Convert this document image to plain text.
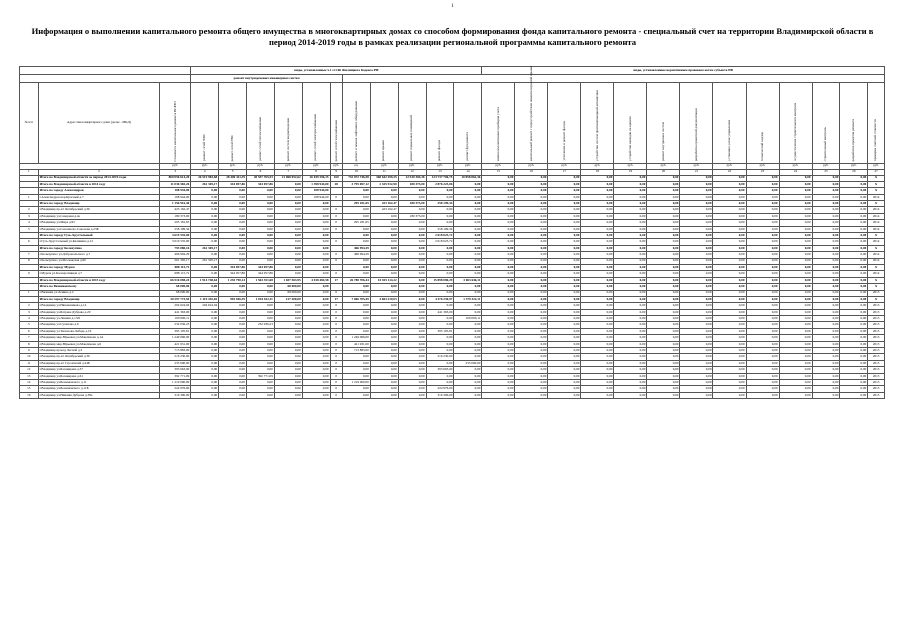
1
Информация о выполнении капитального ремонта общего имущества в многоквартирных домах со способом формирования фонда капитального ремонта - специальный счет на территории Владимирской области в период 2014-2019 годы в рамках реализации региональной программы капитального ремонта
			виды, установленные ч.1 ст.166 Жилищного Кодекса РФ											виды, установленные нормативным правовым актом субъекта РФ												
			ремонт внутридомовых инженерных систем																							
№ п/п	Адрес многоквартирного дома (далее - МКД)	Стоимость капитального ремонта ВСЕГО	ремонт сетей ХВС	ремонт сетей ГВС	ремонт сетей теплоснабжения	ремонт систем водоотведения	ремонт сетей электроснабжения	ремонт сетей газоснабжения	ремонт и замена лифтового оборудования	ремонт крыши	ремонт подвальных помещений	ремонт фасада	ремонт фундамента	замена коллективных приборов учета	капитальный ремонт с переустройством невентилируемой крыши	утепление и ремонт фасада	устройство систем противопожарной автоматики	устройство выходов на кровлю	ремонт внутренних систем	разработка проектной документации	установка узлов управления	технический надзор	осуществление строительного контроля	строительный контроль	разработка проектов ремонта	проверка сметной стоимости
		руб.	руб.	руб.	руб.	руб.	руб.	руб.	ед.	руб.	руб.	руб.	руб.	руб.	руб.	руб.	руб.	руб.	руб.	руб.	руб.	руб.	руб.	руб.	руб.	руб.
1	2	3	4	5	6	7	8	9	10	11	12	13	14	15	16	17	18	19	20	21	22	23	24	25	26	27
	Итого по Владимирской области за период 2014-2019 годы	860 056 614,20	26 519 983,68	28 400 411,39	40 557 765,53	21 068 052,62	26 039 296,15	160	732 072 746,58	368 642 299,25	12 530 384,36	123 737 706,75	10 858 862,36	0,00	0,00	0,00	0,00	0,00	0,00	0,00	0,00	0,00	0,00	0,00	0,00	X
	Итого по Владимирской области в 2014 году	11 036 565,26	261 305,17	344 057,86	344 057,86	0,00	1 398 944,00	28	3 795 697,12	2 325 912,90	180 373,00	2 876 223,06	0,00	0,00	0,00	0,00	0,00	0,00	0,00	0,00	0,00	0,00	0,00	0,00	0,00	X
	Итого по городу Александров	108 944,00	0,00	0,00	0,00	0,00	108 944,00		0,00	0,00	0,00	0,00	0,00	0,00	0,00	0,00	0,00	0,00	0,00	0,00	0,00	0,00	0,00	0,00	0,00	X
1	г.Александров пер.Красный д.7	108 944,00	0,00	0,00	0,00	0,00	108 944,00	0	0,00	0,00	0,00	0,00	0,00	0,00	0,00	0,00	0,00	0,00	0,00	0,00	0,00	0,00	0,00	0,00	0,00	2014
	Итого по городу Владимир	1 156 916,46	0,00	0,00	0,00	0,00	0,00		295 181,65	423 162,47	180 373,00	258 199,34	0,00	0,00	0,00	0,00	0,00	0,00	0,00	0,00	0,00	0,00	0,00	0,00	0,00	X
2	г.Владимир пр-кт Октябрьский д.36	423 162,47	0,00	0,00	0,00	0,00	0,00	0	0,00	423 162,47	0,00	0,00	0,00	0,00	0,00	0,00	0,00	0,00	0,00	0,00	0,00	0,00	0,00	0,00	0,00	2014
3	г.Владимир ул.Северная д.4а	180 373,00	0,00	0,00	0,00	0,00	0,00	0	0,00	0,00	180 373,00	0,00	0,00	0,00	0,00	0,00	0,00	0,00	0,00	0,00	0,00	0,00	0,00	0,00	0,00	2014
4	г.Владимир ул.Мира д.95	295 181,65	0,00	0,00	0,00	0,00	0,00	0	295 181,65	0,00	0,00	0,00	0,00	0,00	0,00	0,00	0,00	0,00	0,00	0,00	0,00	0,00	0,00	0,00	0,00	2014
5	г.Владимир ул.Смоленско-Соколова д.23Б	258 199,34	0,00	0,00	0,00	0,00	0,00	0	0,00	0,00	0,00	258 199,34	0,00	0,00	0,00	0,00	0,00	0,00	0,00	0,00	0,00	0,00	0,00	0,00	0,00	2014
	Итого по городу Гусь-Хрустальный	3 619 535,00	0,00	0,00	0,00	0,00	0,00		0,00	0,00	0,00	2 618 023,72	0,00	0,00	0,00	0,00	0,00	0,00	0,00	0,00	0,00	0,00	0,00	0,00	0,00	X
6	г.Гусь-Хрустальный ул.Калинина д.12	3 619 535,00	0,00	0,00	0,00	0,00	0,00	0	0,00	0,00	0,00	2 618 023,72	0,00	0,00	0,00	0,00	0,00	0,00	0,00	0,00	0,00	0,00	0,00	0,00	0,00	2014
	Итого по городу Кольчугино	793 080,16	261 305,17	0,00	0,00	0,00	0,00		466 994,29	0,00	0,00	0,00	0,00	0,00	0,00	0,00	0,00	0,00	0,00	0,00	0,00	0,00	0,00	0,00	0,00	X
7	г.Кольчугино ул.Добровольского д.7	466 994,29	0,00	0,00	0,00	0,00	0,00	0	466 994,29	0,00	0,00	0,00	0,00	0,00	0,00	0,00	0,00	0,00	0,00	0,00	0,00	0,00	0,00	0,00	0,00	2014
8	г.Кольчугино ул.Московская д.60	261 305,17	261 305,17	0,00	0,00	0,00	0,00	0	0,00	0,00	0,00	0,00	0,00	0,00	0,00	0,00	0,00	0,00	0,00	0,00	0,00	0,00	0,00	0,00	0,00	2014
	Итого по городу Муром	688 115,72	0,00	344 057,86	344 057,86	0,00	0,00		0,00	0,00	0,00	0,00	0,00	0,00	0,00	0,00	0,00	0,00	0,00	0,00	0,00	0,00	0,00	0,00	0,00	X
9	г.Муром ул.Кооперативная д.7	688 115,72	0,00	344 057,86	344 057,86	0,00	0,00	0	0,00	0,00	0,00	0,00	0,00	0,00	0,00	0,00	0,00	0,00	0,00	0,00	0,00	0,00	0,00	0,00	0,00	2014
	Итого по Владимирской области в 2015 году	66 516 098,24	1 914 748,64	1 230 790,14	1 563 351,68	1 657 563,95	4 018 484,58	17	26 788 706,44	10 815 114,22	0,00	15 898 080,29	3 063 646,11	0,00	0,00	0,00	0,00	0,00	0,00	0,00	0,00	0,00	0,00	0,00	0,00	X
	Итого по Вязниковскому	68 000,00	0,00	0,00	0,00	68 000,00	0,00		0,00	0,00	0,00	0,00	0,00	0,00	0,00	0,00	0,00	0,00	0,00	0,00	0,00	0,00	0,00	0,00	0,00	X
1	г.Вязники ул.Ленина д.2	68 000,00	0,00	0,00	0,00	68 000,00	0,00	0	0,00	0,00	0,00	0,00	0,00	0,00	0,00	0,00	0,00	0,00	0,00	0,00	0,00	0,00	0,00	0,00	0,00	2015
	Итого по городу Владимир	30 297 773,94	1 119 416,82	995 946,39	1 016 612,11	127 200,00	0,00	17	7 066 705,49	4 663 219,03	0,00	4 376 230,97	1 379 322,11	0,00	0,00	0,00	0,00	0,00	0,00	0,00	0,00	0,00	0,00	0,00	0,00	X
2	г.Владимир ул.Няшенникова д.14	204 624,04	204 624,04	0,00	0,00	0,00	0,00	0	0,00	0,00	0,00	0,00	0,00	0,00	0,00	0,00	0,00	0,00	0,00	0,00	0,00	0,00	0,00	0,00	0,00	2015
3	г.Владимир ул.Батрака Дубрава д.20	441 363,00	0,00	0,00	0,00	0,00	0,00	0	0,00	0,00	0,00	441 363,00	0,00	0,00	0,00	0,00	0,00	0,00	0,00	0,00	0,00	0,00	0,00	0,00	0,00	2015
4	г.Владимир ул.Ленина д.13/6	100 000,11	0,00	0,00	0,00	0,00	0,00	0	0,00	0,00	0,00	0,00	100 000,11	0,00	0,00	0,00	0,00	0,00	0,00	0,00	0,00	0,00	0,00	0,00	0,00	2015
5	г.Владимир ул.Суханова д.6	232 036,23	0,00	0,00	232 036,23	0,00	0,00	0	0,00	0,00	0,00	0,00	0,00	0,00	0,00	0,00	0,00	0,00	0,00	0,00	0,00	0,00	0,00	0,00	0,00	2015
6	г.Владимир ул.Тихонова-Лебедь д.16	395 105,81	0,00	0,00	0,00	0,00	0,00	0	0,00	0,00	0,00	395 105,81	0,00	0,00	0,00	0,00	0,00	0,00	0,00	0,00	0,00	0,00	0,00	0,00	0,00	2015
7	г.Владимир мкр.Юрьевец ул.Максимова д.1А	1 249 066,00	0,00	0,00	0,00	0,00	0,00	0	1 249 066,00	0,00	0,00	0,00	0,00	0,00	0,00	0,00	0,00	0,00	0,00	0,00	0,00	0,00	0,00	0,00	0,00	2015
8	г.Владимир мкр.Юрьевец ул.Максимова д.6	421 931,00	0,00	0,00	0,00	0,00	0,00	0	421 931,00	0,00	0,00	0,00	0,00	0,00	0,00	0,00	0,00	0,00	0,00	0,00	0,00	0,00	0,00	0,00	0,00	2015
9	г.Владимир проезд Лесной д.3	713 883,00	0,00	0,00	0,00	0,00	0,00	0	713 883,00	0,00	0,00	0,00	0,00	0,00	0,00	0,00	0,00	0,00	0,00	0,00	0,00	0,00	0,00	0,00	0,00	2015
10	г.Владимир пр-кт Октябрьский д.36	216 230,00	0,00	0,00	0,00	0,00	0,00	0	0,00	0,00	0,00	216 230,00	0,00	0,00	0,00	0,00	0,00	0,00	0,00	0,00	0,00	0,00	0,00	0,00	0,00	2015
11	г.Владимир пр-кт Строителей д.24Б	235 000,00	0,00	0,00	0,00	0,00	0,00	0	0,00	0,00	0,00	0,00	235 000,00	0,00	0,00	0,00	0,00	0,00	0,00	0,00	0,00	0,00	0,00	0,00	0,00	2015
12	г.Владимир ул.Балакирева д.37	393 663,00	0,00	0,00	0,00	0,00	0,00	0	0,00	0,00	0,00	393 663,00	0,00	0,00	0,00	0,00	0,00	0,00	0,00	0,00	0,00	0,00	0,00	0,00	0,00	2015
13	г.Владимир ул.Балакирева д.61	392 771,09	0,00	0,00	392 771,09	0,00	0,00	0	0,00	0,00	0,00	0,00	0,00	0,00	0,00	0,00	0,00	0,00	0,00	0,00	0,00	0,00	0,00	0,00	0,00	2015
14	г.Владимир ул.Безыменского д.11	1 219 000,00	0,00	0,00	0,00	0,00	0,00	0	1 219 000,00	0,00	0,00	0,00	0,00	0,00	0,00	0,00	0,00	0,00	0,00	0,00	0,00	0,00	0,00	0,00	0,00	2015
15	г.Владимир ул.Безыменского д.11Б	224 976,00	0,00	0,00	0,00	0,00	0,00	0	0,00	0,00	0,00	224 976,00	0,00	0,00	0,00	0,00	0,00	0,00	0,00	0,00	0,00	0,00	0,00	0,00	0,00	2015
16	г.Владимир ул.Нижняя Дуброва д.38а	316 300,00	0,00	0,00	0,00	0,00	0,00	0	0,00	0,00	0,00	316 300,00	0,00	0,00	0,00	0,00	0,00	0,00	0,00	0,00	0,00	0,00	0,00	0,00	0,00	2015
